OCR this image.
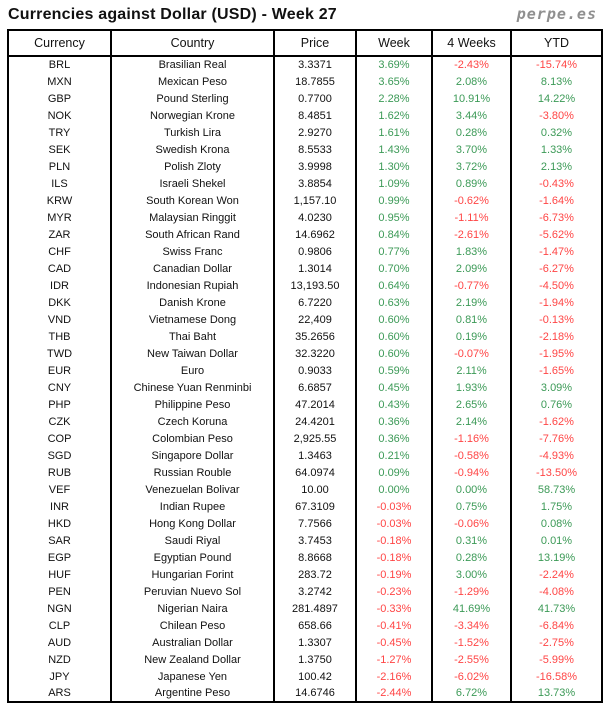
Currencies against Dollar (USD) - Week 27	perpe.es
Currency	Country	Price	Week	4 Weeks	YTD
BRL	Brasilian Real	3.3371	3.69%	-2.43%	-15.74%
MXN	Mexican Peso	18.7855	3.65%	2.08%	8.13%
GBP	Pound Sterling	0.7700	2.28%	10.91%	14.22%
NOK	Norwegian Krone	8.4851	1.62%	3.44%	-3.80%
TRY	Turkish Lira	2.9270	1.61%	0.28%	0.32%
SEK	Swedish Krona	8.5533	1.43%	3.70%	1.33%
PLN	Polish Zloty	3.9998	1.30%	3.72%	2.13%
ILS	Israeli Shekel	3.8854	1.09%	0.89%	-0.43%
KRW	South Korean Won	1,157.10	0.99%	-0.62%	-1.64%
MYR	Malaysian Ringgit	4.0230	0.95%	-1.11%	-6.73%
ZAR	South African Rand	14.6962	0.84%	-2.61%	-5.62%
CHF	Swiss Franc	0.9806	0.77%	1.83%	-1.47%
CAD	Canadian Dollar	1.3014	0.70%	2.09%	-6.27%
IDR	Indonesian Rupiah	13,193.50	0.64%	-0.77%	-4.50%
DKK	Danish Krone	6.7220	0.63%	2.19%	-1.94%
VND	Vietnamese Dong	22,409	0.60%	0.81%	-0.13%
THB	Thai Baht	35.2656	0.60%	0.19%	-2.18%
TWD	New Taiwan Dollar	32.3220	0.60%	-0.07%	-1.95%
EUR	Euro	0.9033	0.59%	2.11%	-1.65%
CNY	Chinese Yuan Renminbi	6.6857	0.45%	1.93%	3.09%
PHP	Philippine Peso	47.2014	0.43%	2.65%	0.76%
CZK	Czech Koruna	24.4201	0.36%	2.14%	-1.62%
COP	Colombian Peso	2,925.55	0.36%	-1.16%	-7.76%
SGD	Singapore Dollar	1.3463	0.21%	-0.58%	-4.93%
RUB	Russian Rouble	64.0974	0.09%	-0.94%	-13.50%
VEF	Venezuelan Bolivar	10.00	0.00%	0.00%	58.73%
INR	Indian Rupee	67.3109	-0.03%	0.75%	1.75%
HKD	Hong Kong Dollar	7.7566	-0.03%	-0.06%	0.08%
SAR	Saudi Riyal	3.7453	-0.18%	0.31%	0.01%
EGP	Egyptian Pound	8.8668	-0.18%	0.28%	13.19%
HUF	Hungarian Forint	283.72	-0.19%	3.00%	-2.24%
PEN	Peruvian Nuevo Sol	3.2742	-0.23%	-1.29%	-4.08%
NGN	Nigerian Naira	281.4897	-0.33%	41.69%	41.73%
CLP	Chilean Peso	658.66	-0.41%	-3.34%	-6.84%
AUD	Australian Dollar	1.3307	-0.45%	-1.52%	-2.75%
NZD	New Zealand Dollar	1.3750	-1.27%	-2.55%	-5.99%
JPY	Japanese Yen	100.42	-2.16%	-6.02%	-16.58%
ARS	Argentine Peso	14.6746	-2.44%	6.72%	13.73%
